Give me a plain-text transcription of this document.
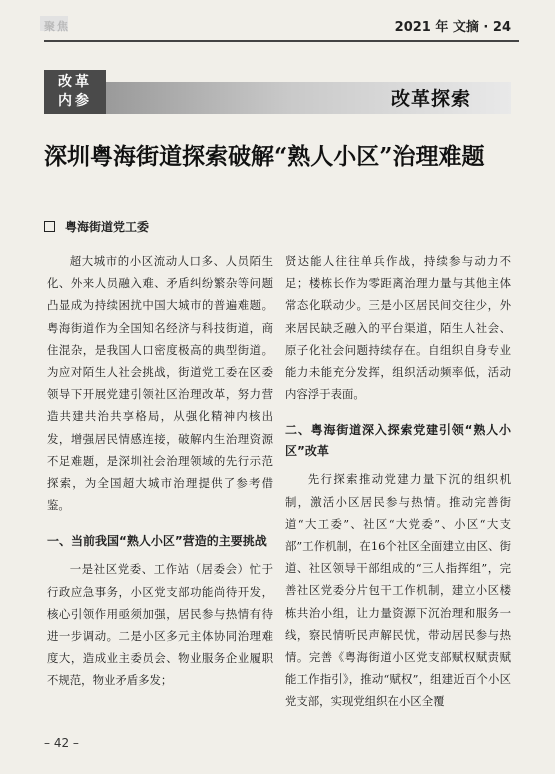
聚焦	2021 年 文摘 · 24
改革
内参	改革探索
深圳粤海街道探索破解“熟人小区”治理难题
粤海街道党工委

超大城市的小区流动人口多、人员陌生化、外来人员融入难、矛盾纠纷繁杂等问题凸显成为持续困扰中国大城市的普遍难题。粤海街道作为全国知名经济与科技街道，商住混杂，是我国人口密度极高的典型街道。为应对陌生人社会挑战，街道党工委在区委领导下开展党建引领社区治理改革，努力营造共建共治共享格局，从强化精神内核出发，增强居民情感连接，破解内生治理资源不足难题，是深圳社会治理领域的先行示范探索，为全国超大城市治理提供了参考借鉴。

一、当前我国“熟人小区”营造的主要挑战

一是社区党委、工作站（居委会）忙于行政应急事务，小区党支部功能尚待开发，核心引领作用亟须加强，居民参与热情有待进一步调动。二是小区多元主体协同治理难度大，造成业主委员会、物业服务企业履职不规范，物业矛盾多发；

贤达能人往往单兵作战，持续参与动力不足；楼栋长作为零距离治理力量与其他主体常态化联动少。三是小区居民间交往少，外来居民缺乏融入的平台渠道，陌生人社会、原子化社会问题持续存在。自组织自身专业能力未能充分发挥，组织活动频率低，活动内容浮于表面。

二、粤海街道深入探索党建引领“熟人小区”改革

先行探索推动党建力量下沉的组织机制，激活小区居民参与热情。推动完善街道“大工委”、社区“大党委”、小区“大支部”工作机制，在16个社区全面建立由区、街道、社区领导干部组成的“三人指挥组”，完善社区党委分片包干工作机制，建立小区楼栋共治小组，让力量资源下沉治理和服务一线，察民情听民声解民忧，带动居民参与热情。完善《粤海街道小区党支部赋权赋责赋能工作指引》，推动“赋权”，组建近百个小区党支部，实现党组织在小区全覆

– 42 –
